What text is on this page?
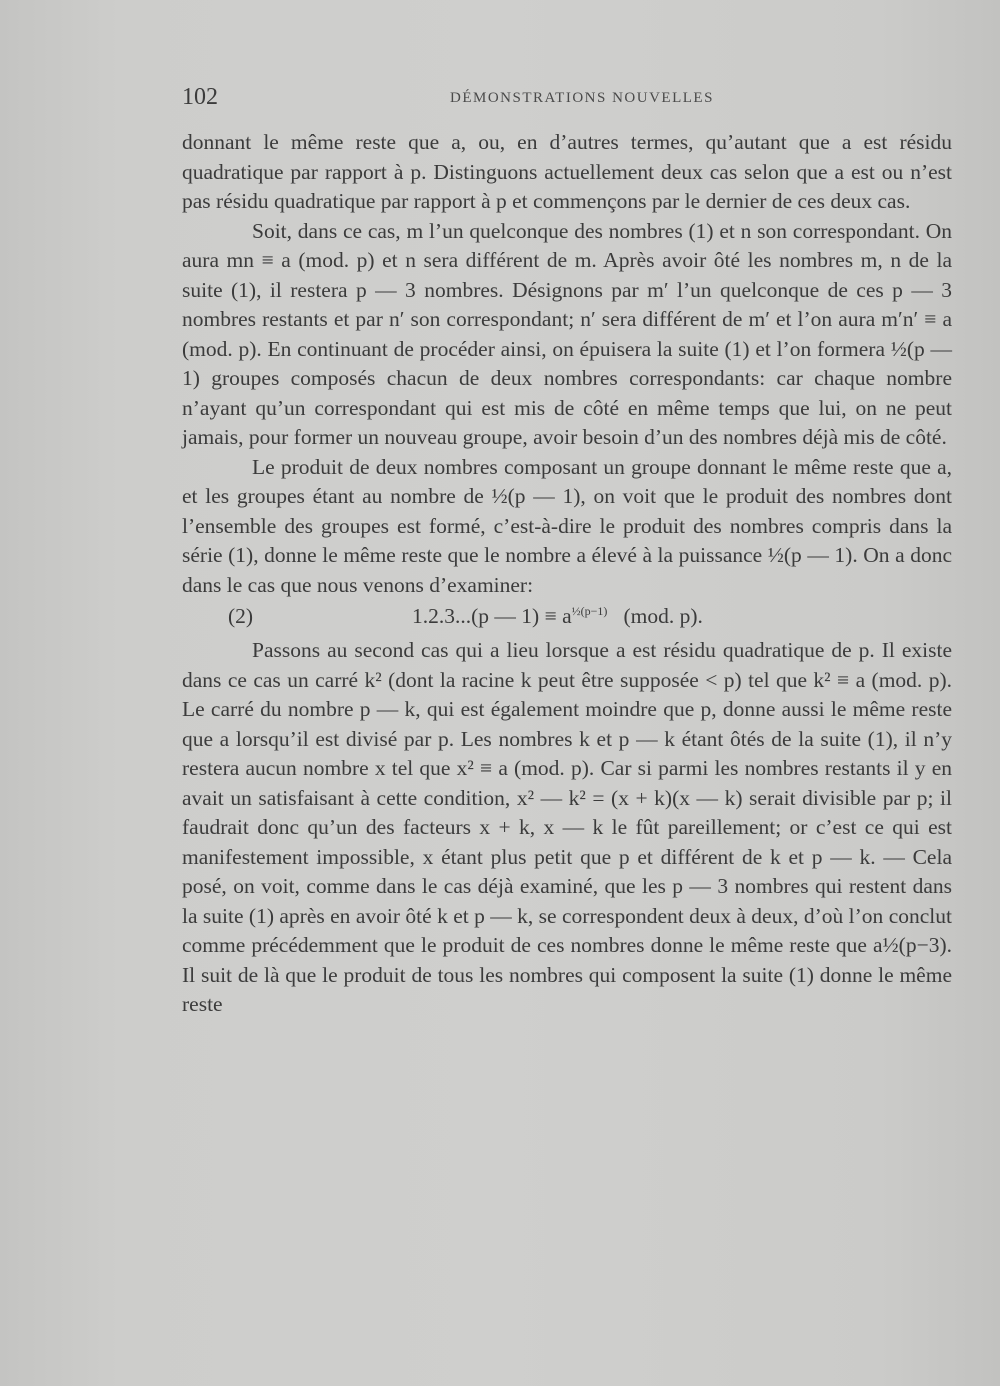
102	DÉMONSTRATIONS NOUVELLES

donnant le même reste que a, ou, en d’autres termes, qu’autant que a est résidu quadratique par rapport à p. Distinguons actuellement deux cas selon que a est ou n’est pas résidu quadratique par rapport à p et commençons par le dernier de ces deux cas.

Soit, dans ce cas, m l’un quelconque des nombres (1) et n son correspondant. On aura mn ≡ a (mod. p) et n sera différent de m. Après avoir ôté les nombres m, n de la suite (1), il restera p — 3 nombres. Désignons par m′ l’un quelconque de ces p — 3 nombres restants et par n′ son correspondant; n′ sera différent de m′ et l’on aura m′n′ ≡ a (mod. p). En continuant de procéder ainsi, on épuisera la suite (1) et l’on formera ½(p — 1) groupes composés chacun de deux nombres correspondants: car chaque nombre n’ayant qu’un correspondant qui est mis de côté en même temps que lui, on ne peut jamais, pour former un nouveau groupe, avoir besoin d’un des nombres déjà mis de côté.

Le produit de deux nombres composant un groupe donnant le même reste que a, et les groupes étant au nombre de ½(p — 1), on voit que le produit des nombres dont l’ensemble des groupes est formé, c’est-à-dire le produit des nombres compris dans la série (1), donne le même reste que le nombre a élevé à la puissance ½(p — 1). On a donc dans le cas que nous venons d’examiner:

(2)	1.2.3...(p — $1) \equiv a^{\frac{1}{2}(p-1)}$ (mod. p).

Passons au second cas qui a lieu lorsque a est résidu quadratique de p. Il existe dans ce cas un carré k² (dont la racine k peut être supposée < p) tel que k² ≡ a (mod. p). Le carré du nombre p — k, qui est également moindre que p, donne aussi le même reste que a lorsqu’il est divisé par p. Les nombres k et p — k étant ôtés de la suite (1), il n’y restera aucun nombre x tel que x² ≡ a (mod. p). Car si parmi les nombres restants il y en avait un satisfaisant à cette condition, x² — k² = (x + k)(x — k) serait divisible par p; il faudrait donc qu’un des facteurs x + k, x — k le fût pareillement; or c’est ce qui est manifestement impossible, x étant plus petit que p et différent de k et p — k. — Cela posé, on voit, comme dans le cas déjà examiné, que les p — 3 nombres qui restent dans la suite (1) après en avoir ôté k et p — k, se correspondent deux à deux, d’où l’on conclut comme précédemment que le produit de ces nombres donne le même reste que a½(p−3). Il suit de là que le produit de tous les nombres qui composent la suite (1) donne le même reste
